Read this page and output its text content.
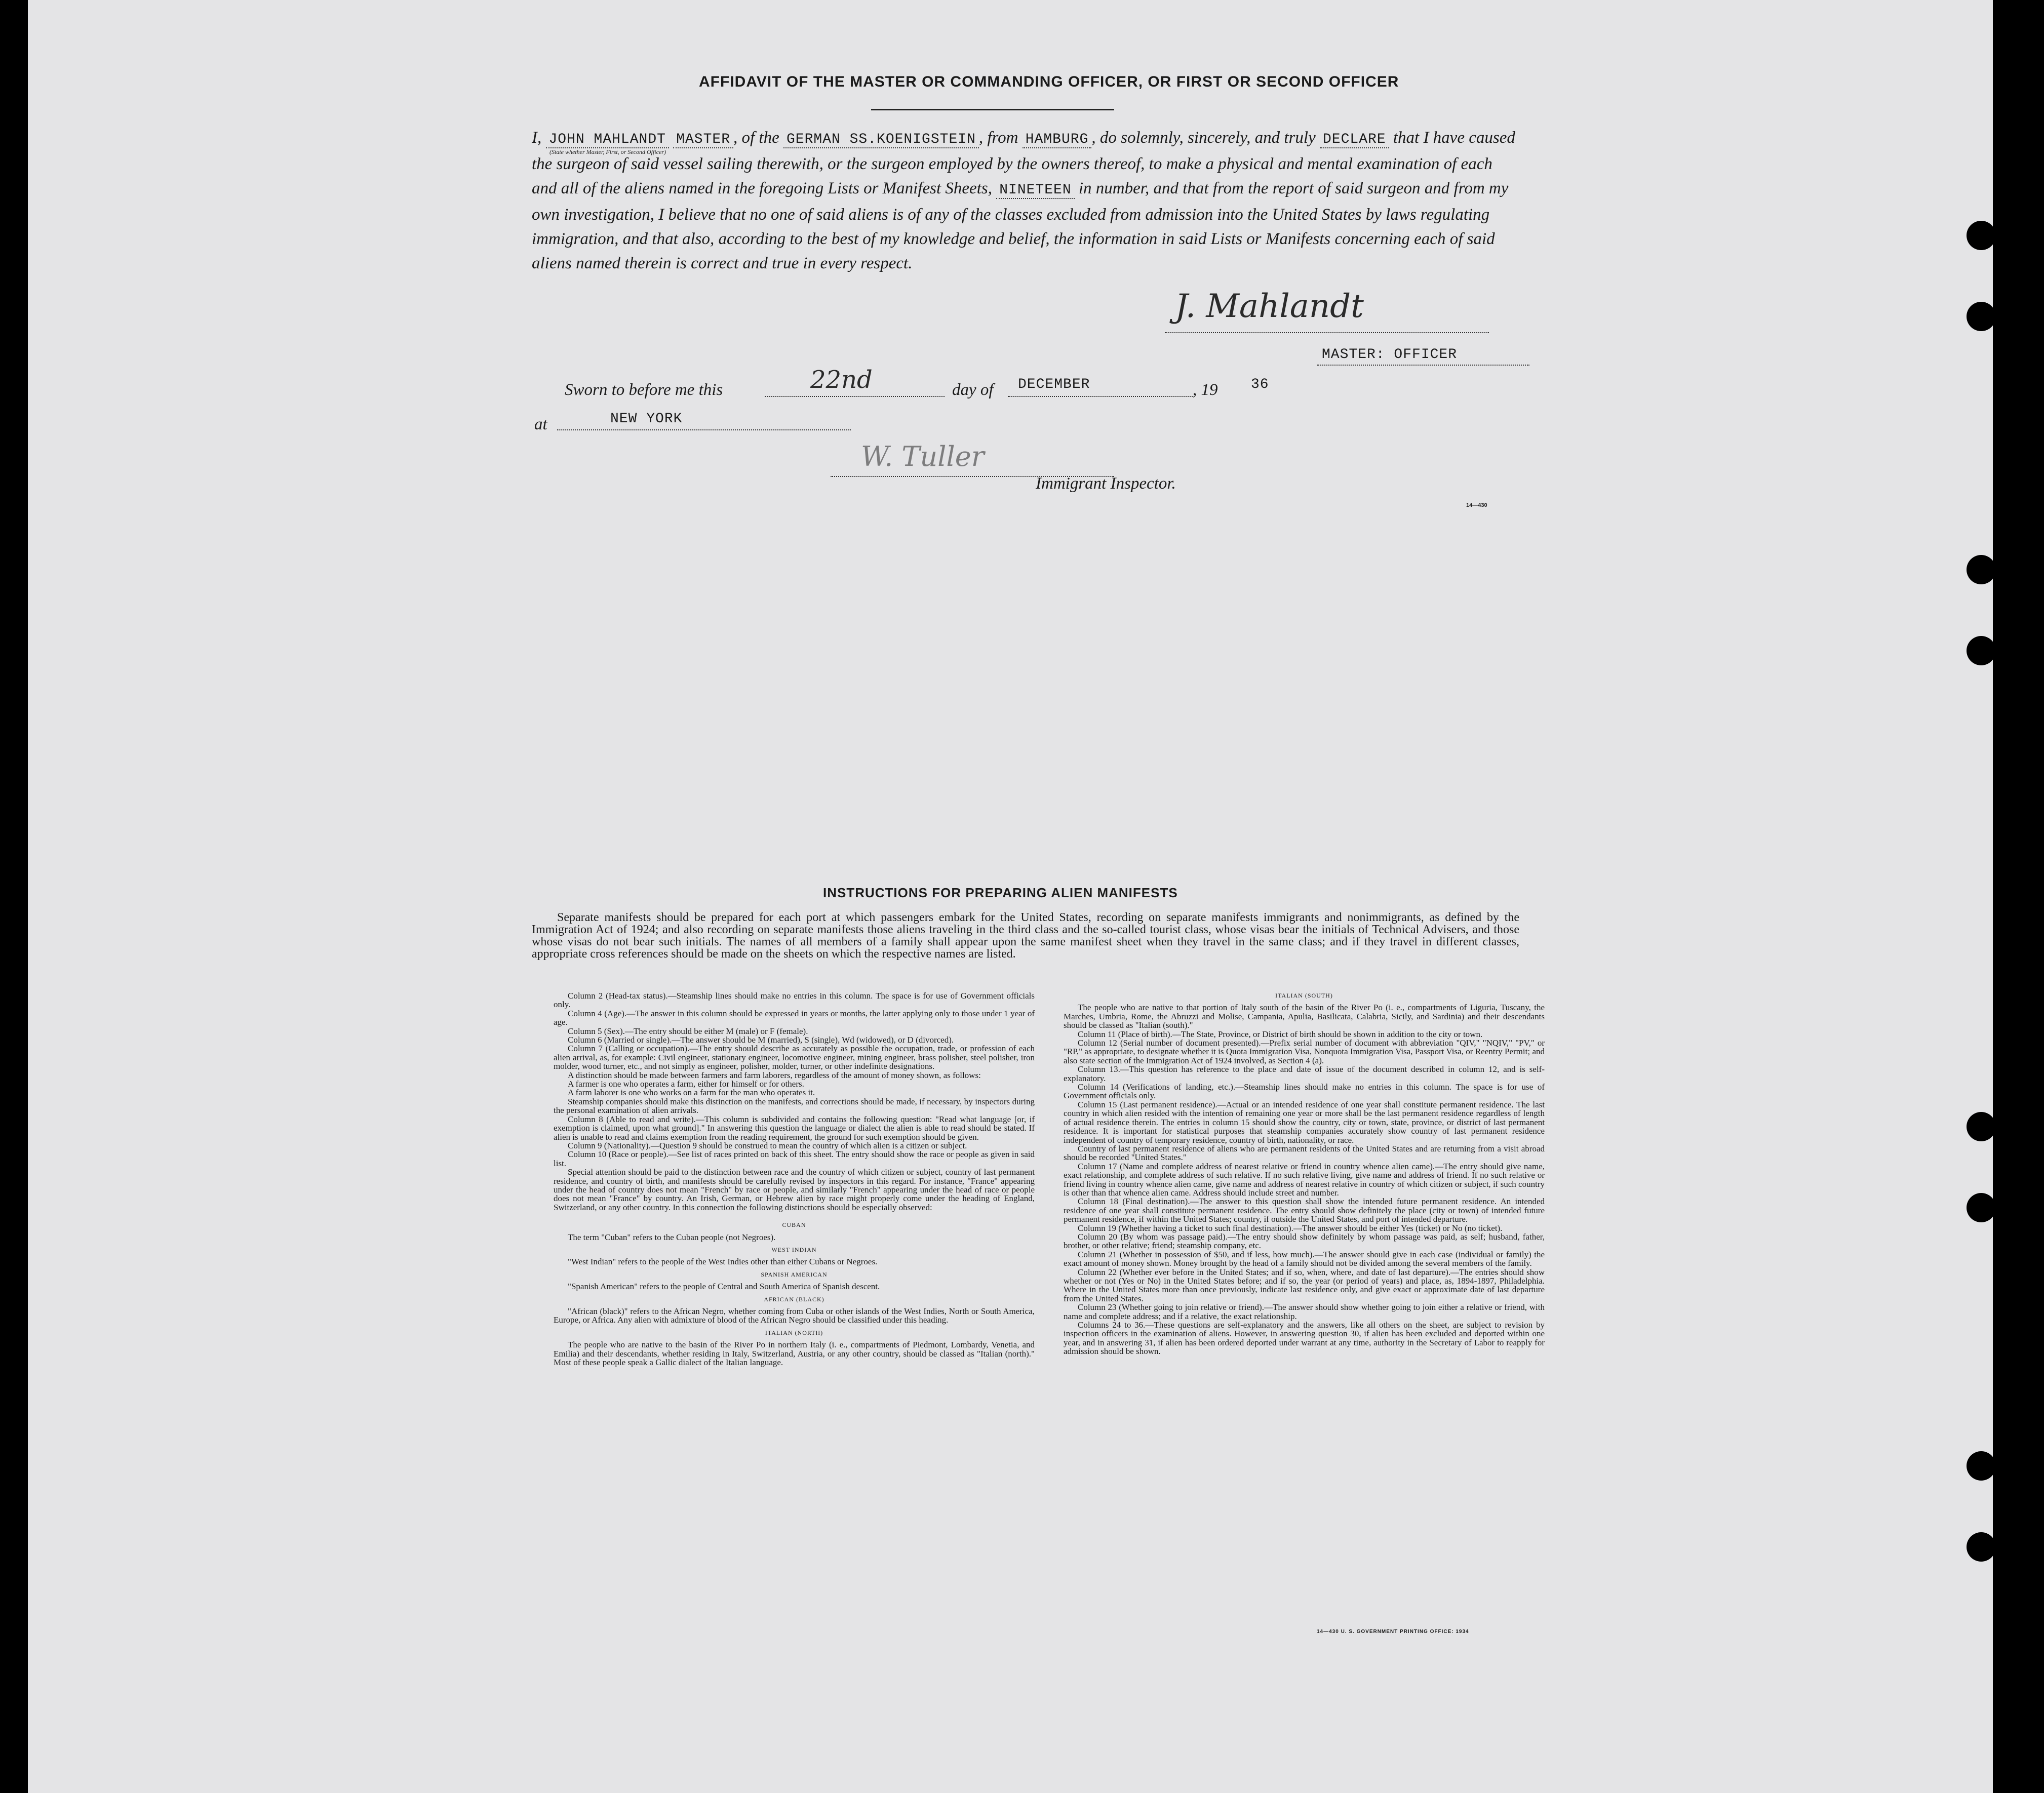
AFFIDAVIT OF THE MASTER OR COMMANDING OFFICER, OR FIRST OR SECOND OFFICER
I, JOHN MAHLANDT MASTER , of the GERMAN SS.KOENIGSTEIN , from HAMBURG , do solemnly, sincerely, and truly DECLARE that I have caused the surgeon of said vessel sailing therewith, or the surgeon employed by the owners thereof, to make a physical and mental examination of each and all of the aliens named in the foregoing Lists or Manifest Sheets, NINETEEN in number, and that from the report of said surgeon and from my own investigation, I believe that no one of said aliens is of any of the classes excluded from admission into the United States by laws regulating immigration, and that also, according to the best of my knowledge and belief, the information in said Lists or Manifests concerning each of said aliens named therein is correct and true in every respect.
(State whether Master, First, or Second Officer)
J. Mahlandt
MASTER: OFFICER
Sworn to before me this	22nd	day of DECEMBER	, 19 36
at	NEW YORK
W. Tuller
Immigrant Inspector.
14—430
INSTRUCTIONS FOR PREPARING ALIEN MANIFESTS
Separate manifests should be prepared for each port at which passengers embark for the United States, recording on separate manifests immigrants and nonimmigrants, as defined by the Immigration Act of 1924; and also recording on separate manifests those aliens traveling in the third class and the so-called tourist class, whose visas bear the initials of Technical Advisers, and those whose visas do not bear such initials. The names of all members of a family shall appear upon the same manifest sheet when they travel in the same class; and if they travel in different classes, appropriate cross references should be made on the sheets on which the respective names are listed.

Column 2 (Head-tax status).—Steamship lines should make no entries in this column. The space is for use of Government officials only.

Column 4 (Age).—The answer in this column should be expressed in years or months, the latter applying only to those under 1 year of age.

Column 5 (Sex).—The entry should be either M (male) or F (female).

Column 6 (Married or single).—The answer should be M (married), S (single), Wd (widowed), or D (divorced).

Column 7 (Calling or occupation).—The entry should describe as accurately as possible the occupation, trade, or profession of each alien arrival, as, for example: Civil engineer, stationary engineer, locomotive engineer, mining engineer, brass polisher, steel polisher, iron molder, wood turner, etc., and not simply as engineer, polisher, molder, turner, or other indefinite designations.

A distinction should be made between farmers and farm laborers, regardless of the amount of money shown, as follows:

A farmer is one who operates a farm, either for himself or for others.

A farm laborer is one who works on a farm for the man who operates it.

Steamship companies should make this distinction on the manifests, and corrections should be made, if necessary, by inspectors during the personal examination of alien arrivals.

Column 8 (Able to read and write).—This column is subdivided and contains the following question: "Read what language [or, if exemption is claimed, upon what ground]." In answering this question the language or dialect the alien is able to read should be stated. If alien is unable to read and claims exemption from the reading requirement, the ground for such exemption should be given.

Column 9 (Nationality).—Question 9 should be construed to mean the country of which alien is a citizen or subject.

Column 10 (Race or people).—See list of races printed on back of this sheet. The entry should show the race or people as given in said list.

Special attention should be paid to the distinction between race and the country of which citizen or subject, country of last permanent residence, and country of birth, and manifests should be carefully revised by inspectors in this regard. For instance, "France" appearing under the head of country does not mean "French" by race or people, and similarly "French" appearing under the head of race or people does not mean "France" by country. An Irish, German, or Hebrew alien by race might properly come under the heading of England, Switzerland, or any other country. In this connection the following distinctions should be especially observed:

CUBAN

The term "Cuban" refers to the Cuban people (not Negroes).

WEST INDIAN

"West Indian" refers to the people of the West Indies other than either Cubans or Negroes.

SPANISH AMERICAN

"Spanish American" refers to the people of Central and South America of Spanish descent.

AFRICAN (BLACK)

"African (black)" refers to the African Negro, whether coming from Cuba or other islands of the West Indies, North or South America, Europe, or Africa. Any alien with admixture of blood of the African Negro should be classified under this heading.

ITALIAN (NORTH)

The people who are native to the basin of the River Po in northern Italy (i. e., compartments of Piedmont, Lombardy, Venetia, and Emilia) and their descendants, whether residing in Italy, Switzerland, Austria, or any other country, should be classed as "Italian (north)." Most of these people speak a Gallic dialect of the Italian language.

ITALIAN (SOUTH)

The people who are native to that portion of Italy south of the basin of the River Po (i. e., compartments of Liguria, Tuscany, the Marches, Umbria, Rome, the Abruzzi and Molise, Campania, Apulia, Basilicata, Calabria, Sicily, and Sardinia) and their descendants should be classed as "Italian (south)."

Column 11 (Place of birth).—The State, Province, or District of birth should be shown in addition to the city or town.

Column 12 (Serial number of document presented).—Prefix serial number of document with abbreviation "QIV," "NQIV," "PV," or "RP," as appropriate, to designate whether it is Quota Immigration Visa, Nonquota Immigration Visa, Passport Visa, or Reentry Permit; and also state section of the Immigration Act of 1924 involved, as Section 4 (a).

Column 13.—This question has reference to the place and date of issue of the document described in column 12, and is self-explanatory.

Column 14 (Verifications of landing, etc.).—Steamship lines should make no entries in this column. The space is for use of Government officials only.

Column 15 (Last permanent residence).—Actual or an intended residence of one year shall constitute permanent residence. The last country in which alien resided with the intention of remaining one year or more shall be the last permanent residence regardless of length of actual residence therein. The entries in column 15 should show the country, city or town, state, province, or district of last permanent residence. It is important for statistical purposes that steamship companies accurately show country of last permanent residence independent of country of temporary residence, country of birth, nationality, or race.

Country of last permanent residence of aliens who are permanent residents of the United States and are returning from a visit abroad should be recorded "United States."

Column 17 (Name and complete address of nearest relative or friend in country whence alien came).—The entry should give name, exact relationship, and complete address of such relative. If no such relative living, give name and address of friend. If no such relative or friend living in country whence alien came, give name and address of nearest relative in country of which citizen or subject, if such country is other than that whence alien came. Address should include street and number.

Column 18 (Final destination).—The answer to this question shall show the intended future permanent residence. An intended residence of one year shall constitute permanent residence. The entry should show definitely the place (city or town) of intended future permanent residence, if within the United States; country, if outside the United States, and port of intended departure.

Column 19 (Whether having a ticket to such final destination).—The answer should be either Yes (ticket) or No (no ticket).

Column 20 (By whom was passage paid).—The entry should show definitely by whom passage was paid, as self; husband, father, brother, or other relative; friend; steamship company, etc.

Column 21 (Whether in possession of $50, and if less, how much).—The answer should give in each case (individual or family) the exact amount of money shown. Money brought by the head of a family should not be divided among the several members of the family.

Column 22 (Whether ever before in the United States; and if so, when, where, and date of last departure).—The entries should show whether or not (Yes or No) in the United States before; and if so, the year (or period of years) and place, as, 1894-1897, Philadelphia. Where in the United States more than once previously, indicate last residence only, and give exact or approximate date of last departure from the United States.

Column 23 (Whether going to join relative or friend).—The answer should show whether going to join either a relative or friend, with name and complete address; and if a relative, the exact relationship.

Columns 24 to 36.—These questions are self-explanatory and the answers, like all others on the sheet, are subject to revision by inspection officers in the examination of aliens. However, in answering question 30, if alien has been excluded and deported within one year, and in answering 31, if alien has been ordered deported under warrant at any time, authority in the Secretary of Labor to reapply for admission should be shown.

14—430 U. S. GOVERNMENT PRINTING OFFICE: 1934
